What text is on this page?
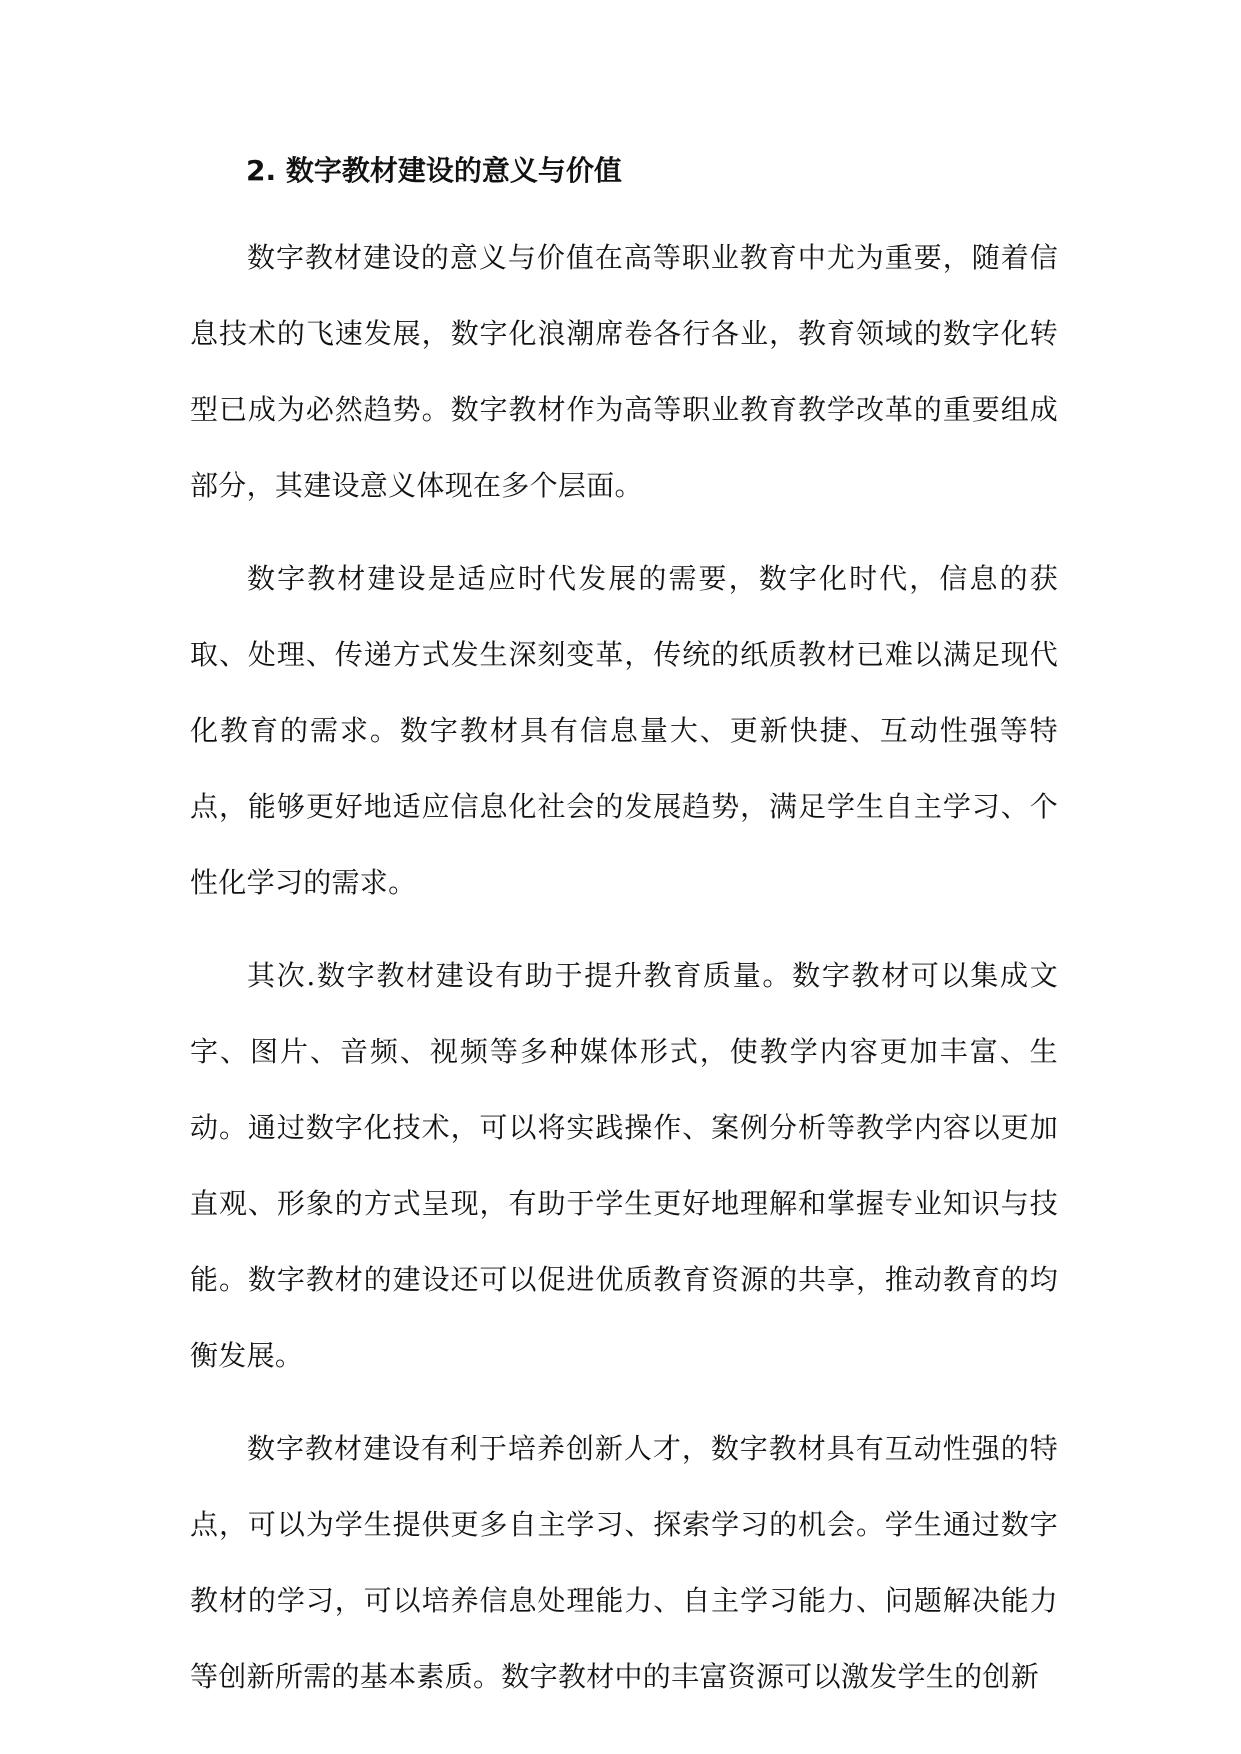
2. 数字教材建设的意义与价值

数字教材建设的意义与价值在高等职业教育中尤为重要，随着信息技术的飞速发展，数字化浪潮席卷各行各业，教育领域的数字化转型已成为必然趋势。数字教材作为高等职业教育教学改革的重要组成部分，其建设意义体现在多个层面。

数字教材建设是适应时代发展的需要，数字化时代，信息的获取、处理、传递方式发生深刻变革，传统的纸质教材已难以满足现代化教育的需求。数字教材具有信息量大、更新快捷、互动性强等特点，能够更好地适应信息化社会的发展趋势，满足学生自主学习、个性化学习的需求。

其次.数字教材建设有助于提升教育质量。数字教材可以集成文字、图片、音频、视频等多种媒体形式，使教学内容更加丰富、生动。通过数字化技术，可以将实践操作、案例分析等教学内容以更加直观、形象的方式呈现，有助于学生更好地理解和掌握专业知识与技能。数字教材的建设还可以促进优质教育资源的共享，推动教育的均衡发展。

数字教材建设有利于培养创新人才，数字教材具有互动性强的特点，可以为学生提供更多自主学习、探索学习的机会。学生通过数字教材的学习，可以培养信息处理能力、自主学习能力、问题解决能力等创新所需的基本素质。数字教材中的丰富资源可以激发学生的创新
